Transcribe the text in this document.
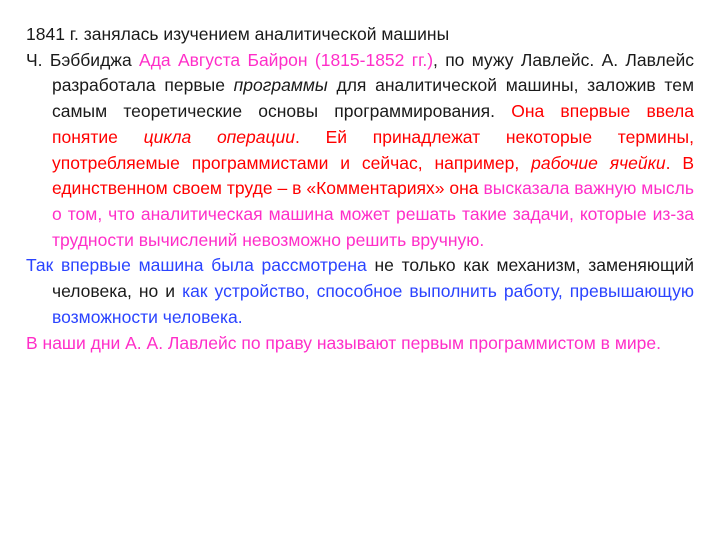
1841 г. занялась изучением аналитической машины

Ч. Бэббиджа Ада Августа Байрон (1815-1852 гг.), по мужу Лавлейс. А. Лавлейс разработала первые программы для аналитической машины, заложив тем самым теоретические основы программирования. Она впервые ввела понятие цикла операции. Ей принадлежат некоторые термины, употребляемые программистами и сейчас, например, рабочие ячейки. В единственном своем труде – в «Комментариях» она высказала важную мысль о том, что аналитическая машина может решать такие задачи, которые из-за трудности вычислений невозможно решить вручную.

Так впервые машина была рассмотрена не только как механизм, заменяющий человека, но и как устройство, способное выполнить работу, превышающую возможности человека.

В наши дни А. А. Лавлейс по праву называют первым программистом в мире.
